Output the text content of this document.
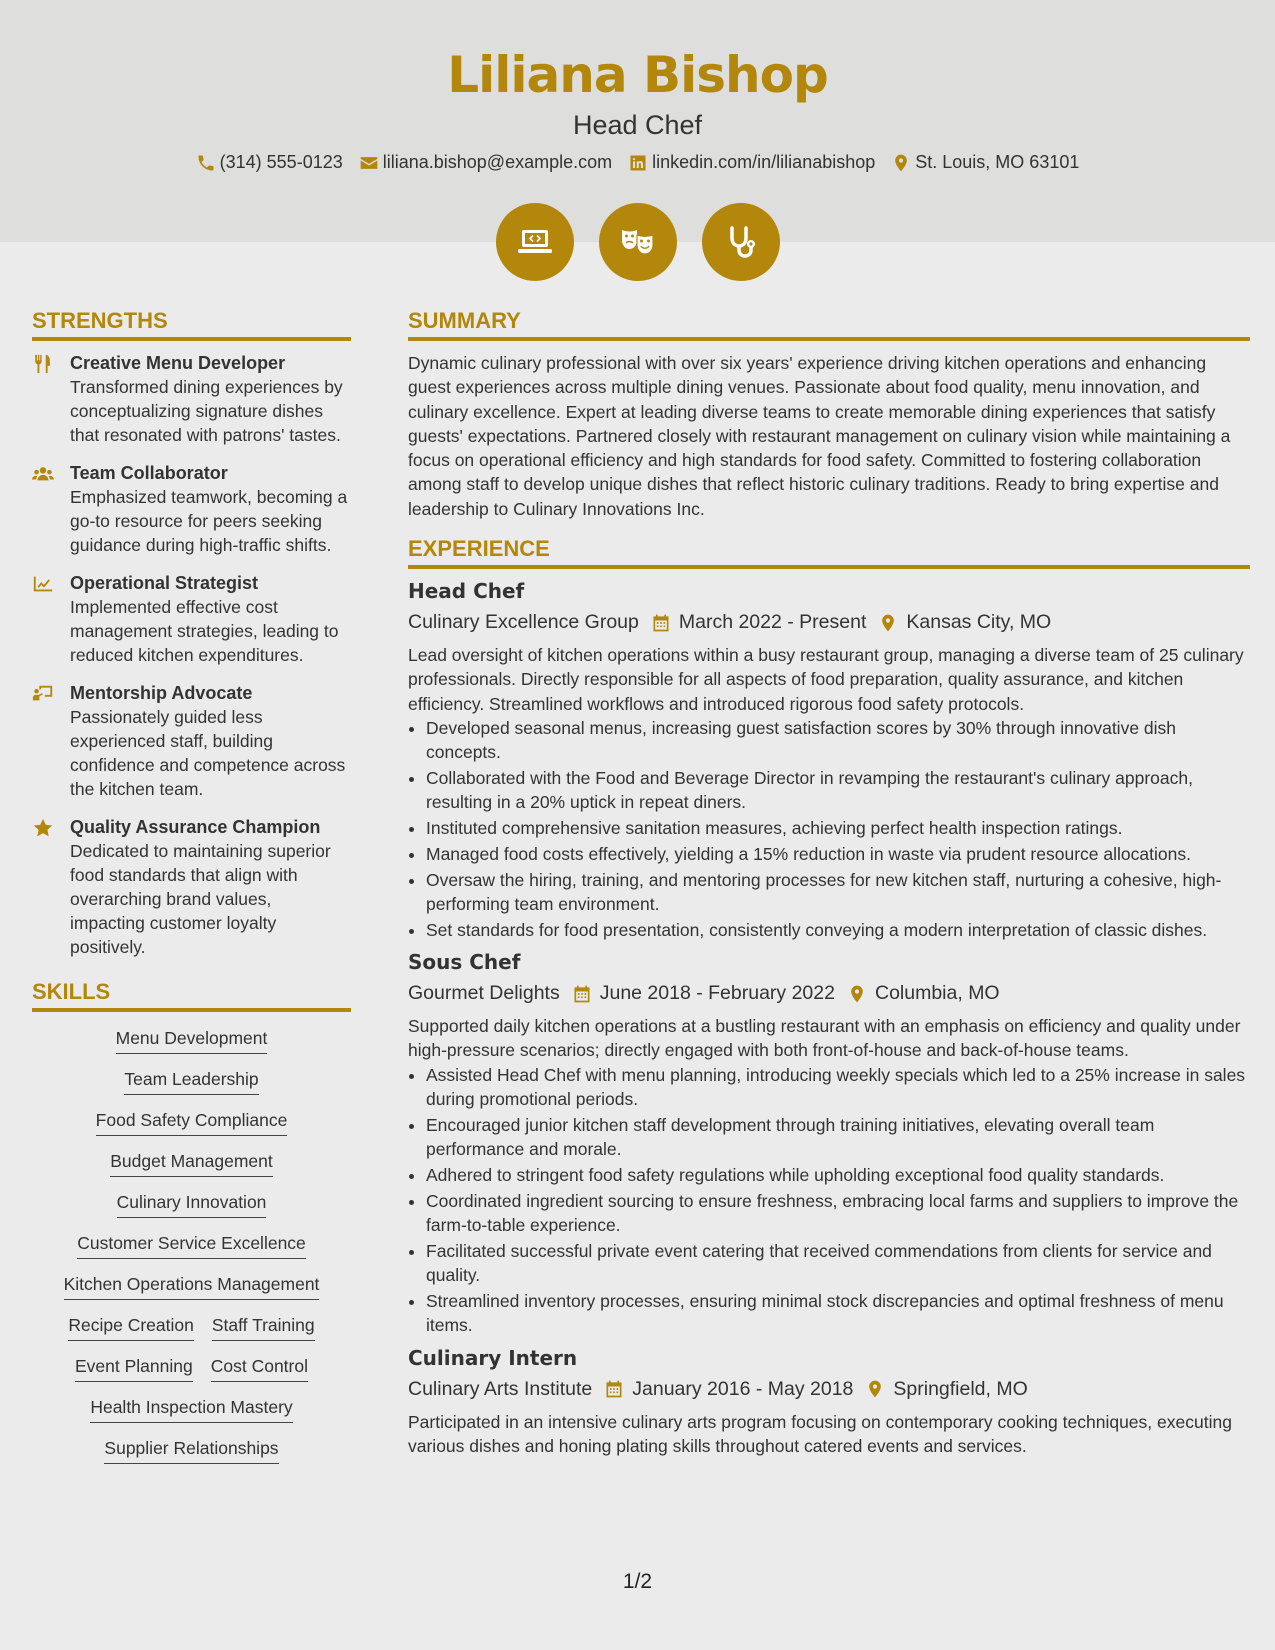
Liliana Bishop
Head Chef
(314) 555-0123 liliana.bishop@example.com linkedin.com/in/lilianabishop St. Louis, MO 63101
STRENGTHS
Creative Menu Developer
Transformed dining experiences by conceptualizing signature dishes that resonated with patrons' tastes.
Team Collaborator
Emphasized teamwork, becoming a go-to resource for peers seeking guidance during high-traffic shifts.
Operational Strategist
Implemented effective cost management strategies, leading to reduced kitchen expenditures.
Mentorship Advocate
Passionately guided less experienced staff, building confidence and competence across the kitchen team.
Quality Assurance Champion
Dedicated to maintaining superior food standards that align with overarching brand values, impacting customer loyalty positively.
SKILLS
Menu Development
Team Leadership
Food Safety Compliance
Budget Management
Culinary Innovation
Customer Service Excellence
Kitchen Operations Management
Recipe Creation Staff Training
Event Planning Cost Control
Health Inspection Mastery
Supplier Relationships
SUMMARY
Dynamic culinary professional with over six years' experience driving kitchen operations and enhancing guest experiences across multiple dining venues. Passionate about food quality, menu innovation, and culinary excellence. Expert at leading diverse teams to create memorable dining experiences that satisfy guests' expectations. Partnered closely with restaurant management on culinary vision while maintaining a focus on operational efficiency and high standards for food safety. Committed to fostering collaboration among staff to develop unique dishes that reflect historic culinary traditions. Ready to bring expertise and leadership to Culinary Innovations Inc.
EXPERIENCE
Head Chef
Culinary Excellence Group March 2022 - Present Kansas City, MO
Lead oversight of kitchen operations within a busy restaurant group, managing a diverse team of 25 culinary professionals. Directly responsible for all aspects of food preparation, quality assurance, and kitchen efficiency. Streamlined workflows and introduced rigorous food safety protocols.
• Developed seasonal menus, increasing guest satisfaction scores by 30% through innovative dish concepts.
• Collaborated with the Food and Beverage Director in revamping the restaurant's culinary approach, resulting in a 20% uptick in repeat diners.
• Instituted comprehensive sanitation measures, achieving perfect health inspection ratings.
• Managed food costs effectively, yielding a 15% reduction in waste via prudent resource allocations.
• Oversaw the hiring, training, and mentoring processes for new kitchen staff, nurturing a cohesive, high-performing team environment.
• Set standards for food presentation, consistently conveying a modern interpretation of classic dishes.
Sous Chef
Gourmet Delights June 2018 - February 2022 Columbia, MO
Supported daily kitchen operations at a bustling restaurant with an emphasis on efficiency and quality under high-pressure scenarios; directly engaged with both front-of-house and back-of-house teams.
• Assisted Head Chef with menu planning, introducing weekly specials which led to a 25% increase in sales during promotional periods.
• Encouraged junior kitchen staff development through training initiatives, elevating overall team performance and morale.
• Adhered to stringent food safety regulations while upholding exceptional food quality standards.
• Coordinated ingredient sourcing to ensure freshness, embracing local farms and suppliers to improve the farm-to-table experience.
• Facilitated successful private event catering that received commendations from clients for service and quality.
• Streamlined inventory processes, ensuring minimal stock discrepancies and optimal freshness of menu items.
Culinary Intern
Culinary Arts Institute January 2016 - May 2018 Springfield, MO
Participated in an intensive culinary arts program focusing on contemporary cooking techniques, executing various dishes and honing plating skills throughout catered events and services.
1/2
